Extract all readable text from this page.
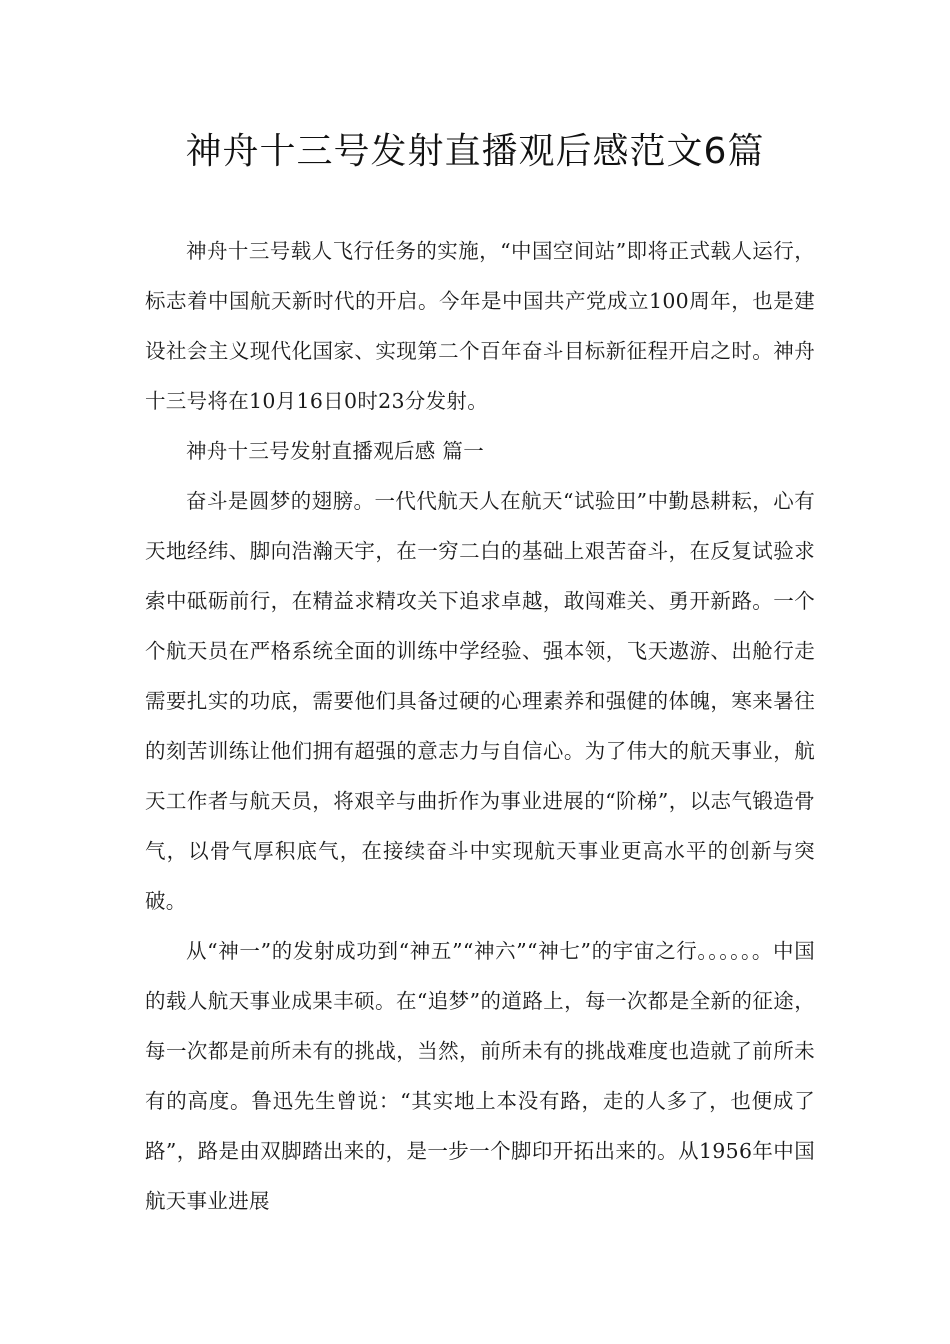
神舟十三号发射直播观后感范文6篇

神舟十三号载人飞行任务的实施，“中国空间站”即将正式载人运行，标志着中国航天新时代的开启。今年是中国共产党成立100周年，也是建设社会主义现代化国家、实现第二个百年奋斗目标新征程开启之时。神舟十三号将在10月16日0时23分发射。

神舟十三号发射直播观后感 篇一

奋斗是圆梦的翅膀。一代代航天人在航天“试验田”中勤恳耕耘，心有天地经纬、脚向浩瀚天宇，在一穷二白的基础上艰苦奋斗，在反复试验求索中砥砺前行，在精益求精攻关下追求卓越，敢闯难关、勇开新路。一个个航天员在严格系统全面的训练中学经验、强本领，飞天遨游、出舱行走需要扎实的功底，需要他们具备过硬的心理素养和强健的体魄，寒来暑往的刻苦训练让他们拥有超强的意志力与自信心。为了伟大的航天事业，航天工作者与航天员，将艰辛与曲折作为事业进展的“阶梯”，以志气锻造骨气，以骨气厚积底气，在接续奋斗中实现航天事业更高水平的创新与突破。

从“神一”的发射成功到“神五”“神六”“神七”的宇宙之行。。。。。。中国的载人航天事业成果丰硕。在“追梦”的道路上，每一次都是全新的征途，每一次都是前所未有的挑战，当然，前所未有的挑战难度也造就了前所未有的高度。鲁迅先生曾说：“其实地上本没有路，走的人多了，也便成了路”，路是由双脚踏出来的，是一步一个脚印开拓出来的。从1956年中国航天事业进展
